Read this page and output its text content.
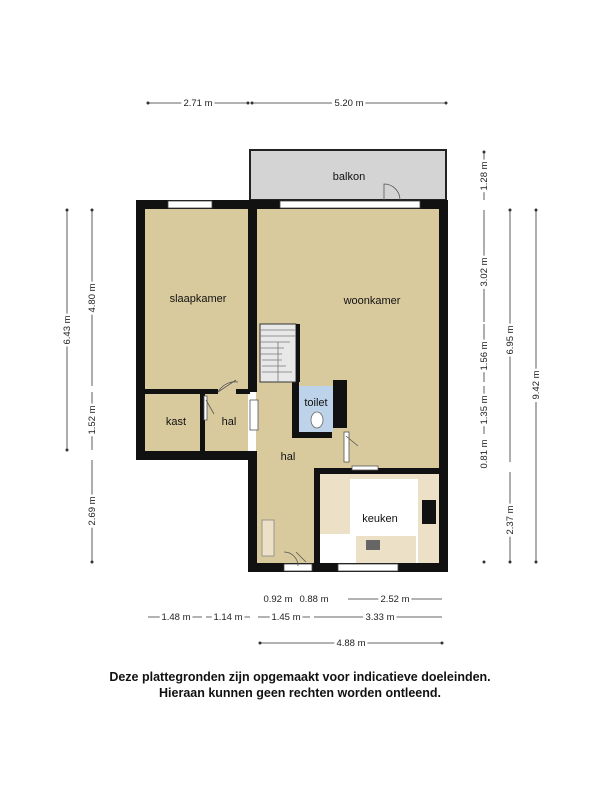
balkon
slaapkamer	woonkamer
kast	hal
toilet
hal
keuken
2.71 m	5.20 m
6.43 m
4.80 m
1.52 m
2.69 m
1.28 m
3.02 m
1.56 m
1.35 m
0.81 m
6.95 m
2.37 m
9.42 m
0.92 m 0.88 m	2.52 m
1.48 m 1.14 m	1.45 m	3.33 m
4.88 m
Deze plattegronden zijn opgemaakt voor indicatieve doeleinden.
Hieraan kunnen geen rechten worden ontleend.
